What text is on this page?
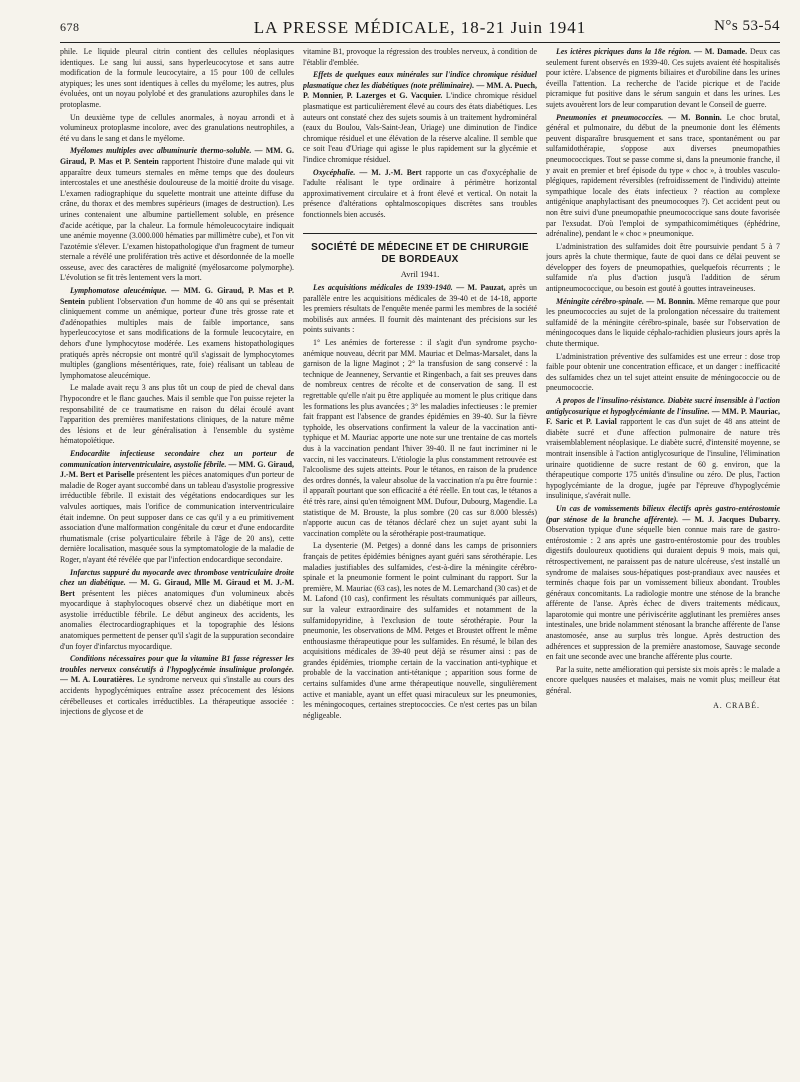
678	LA PRESSE MÉDICALE, 18-21 Juin 1941	N°s 53-54

phile. Le liquide pleural citrin contient des cellules néoplasiques identiques. Le sang lui aussi, sans hyperleucocytose et sans autre modification de la formule leucocytaire, a 15 pour 100 de cellules atypiques; les unes sont identiques à celles du myélome; les autres, plus évoluées, ont un noyau polylobé et des granulations azurophiles dans le protoplasme.

Un deuxième type de cellules anormales, à noyau arrondi et à volumineux protoplasme incolore, avec des granulations neutrophiles, a été vu dans le sang et dans le myélome.

Myélomes multiples avec albuminurie thermo-soluble. — MM. G. Giraud, P. Mas et P. Sentein rapportent l'histoire d'une malade qui vit apparaître deux tumeurs sternales en même temps que des douleurs intercostales et une anesthésie douloureuse de la moitié droite du visage. L'examen radiographique du squelette montrait une atteinte diffuse du crâne, du thorax et des membres supérieurs (images de destruction). Les urines contenaient une albumine partiellement soluble, en présence d'acide acétique, par la chaleur. La formule hémoleucocytaire indiquait une anémie moyenne (3.000.000 hématies par millimètre cube), et l'on vit l'azotémie s'élever. L'examen histopathologique d'un fragment de tumeur sternale a révélé une prolifération très active et désordonnée de la moelle osseuse, avec des caractères de malignité (myélosarcome polymorphe). L'évolution se fit très lentement vers la mort.

Lymphomatose aleucémique. — MM. G. Giraud, P. Mas et P. Sentein publient l'observation d'un homme de 40 ans qui se présentait cliniquement comme un anémique, porteur d'une très grosse rate et d'adénopathies multiples mais de faible importance, sans hyperleucocytose et sans modifications de la formule leucocytaire, en dehors d'une lymphocytose modérée. Les examens histopathologiques pratiqués après nécropsie ont montré qu'il s'agissait de lymphocytomes multiples (ganglions mésentériques, rate, foie) réalisant un tableau de lymphomatose aleucémique.

Le malade avait reçu 3 ans plus tôt un coup de pied de cheval dans l'hypocondre et le flanc gauches. Mais il semble que l'on puisse rejeter la responsabilité de ce traumatisme en raison du délai écoulé avant l'apparition des premières manifestations cliniques, de la nature même des lésions et de leur généralisation à l'ensemble du système hématopoïétique.

Endocardite infectieuse secondaire chez un porteur de communication interventriculaire, asystolie fébrile. — MM. G. Giraud, J.-M. Bert et Pariselle présentent les pièces anatomiques d'un porteur de maladie de Roger ayant succombé dans un tableau d'asystolie progressive irréductible fébrile. Il existait des végétations endocardiques sur les valvules aortiques, mais l'orifice de communication interventriculaire était indemne. On peut supposer dans ce cas qu'il y a eu primitivement association d'une malformation congénitale du cœur et d'une endocardite rhumatismale (crise polyarticulaire fébrile à l'âge de 20 ans), cette dernière localisation, masquée sous la symptomatologie de la maladie de Roger, n'ayant été révélée que par l'infection endocardique secondaire.

Infarctus suppuré du myocarde avec thrombose ventriculaire droite chez un diabétique. — M. G. Giraud, Mlle M. Giraud et M. J.-M. Bert présentent les pièces anatomiques d'un volumineux abcès myocardique à staphylocoques observé chez un diabétique mort en asystolie irréductible fébrile. Le début angineux des accidents, les anomalies électrocardiographiques et la topographie des lésions anatomiques permettent de penser qu'il s'agit de la suppuration secondaire d'un foyer d'infarctus myocardique.

Conditions nécessaires pour que la vitamine B1 fasse régresser les troubles nerveux consécutifs à l'hypoglycémie insulinique prolongée. — M. A. Louratières. Le syndrome nerveux qui s'installe au cours des accidents hypoglycémiques entraîne assez précocement des lésions cérébelleuses et corticales irréductibles. La thérapeutique associée : injections de glycose et de

vitamine B1, provoque la régression des troubles nerveux, à condition de l'établir d'emblée.

Effets de quelques eaux minérales sur l'indice chromique résiduel plasmatique chez les diabétiques (note préliminaire). — MM. A. Puech, P. Monnier, P. Lazerges et G. Vacquier. L'indice chromique résiduel plasmatique est particulièrement élevé au cours des états diabétiques. Les auteurs ont constaté chez des sujets soumis à un traitement hydrominéral (eaux du Boulou, Vals-Saint-Jean, Uriage) une diminution de l'indice chromique résiduel et une élévation de la réserve alcaline. Il semble que ce soit l'eau d'Uriage qui agisse le plus rapidement sur la glycémie et l'indice chromique résiduel.

Oxycéphalie. — M. J.-M. Bert rapporte un cas d'oxycéphalie de l'adulte réalisant le type ordinaire à périmètre horizontal approximativement circulaire et à front élevé et vertical. On notait la présence d'altérations ophtalmoscopiques discrètes sans troubles fonctionnels bien accusés.

SOCIÉTÉ DE MÉDECINE ET DE CHIRURGIE DE BORDEAUX
Avril 1941.

Les acquisitions médicales de 1939-1940. — M. Pauzat, après un parallèle entre les acquisitions médicales de 39-40 et de 14-18, apporte les premiers résultats de l'enquête menée parmi les membres de la société mobilisés aux armées. Il fournit dès maintenant des précisions sur les points suivants :

1° Les anémies de forteresse : il s'agit d'un syndrome psycho-anémique nouveau, décrit par MM. Mauriac et Delmas-Marsalet, dans la garnison de la ligne Maginot ; 2° la transfusion de sang conservé : la technique de Jeanneney, Servantie et Ringenbach, a fait ses preuves dans de nombreux centres de récolte et de conservation de sang. Il est regrettable qu'elle n'ait pu être appliquée au moment le plus critique dans les formations les plus avancées ; 3° les maladies infectieuses : le premier fait frappant est l'absence de grandes épidémies en 39-40. Sur la fièvre typhoïde, les observations confirment la valeur de la vaccination anti-typhique et M. Mauriac apporte une note sur une trentaine de cas mortels dus à la vaccination pendant l'hiver 39-40. Il ne faut incriminer ni le vaccin, ni les vaccinateurs. L'étiologie la plus constamment retrouvée est l'alcoolisme des sujets atteints. Pour le tétanos, en raison de la prudence des ordres donnés, la valeur absolue de la vaccination n'a pu être fournie : il apparaît pourtant que son efficacité a été réelle. En tout cas, le tétanos a été très rare, ainsi qu'en témoignent MM. Dufour, Dubourg, Magendie. La statistique de M. Brouste, la plus sombre (20 cas sur 8.000 blessés) n'apporte aucun cas de tétanos déclaré chez un sujet ayant subi la vaccination complète ou la sérothérapie post-traumatique.

La dysenterie (M. Petges) a donné dans les camps de prisonniers français de petites épidémies bénignes ayant guéri sans sérothérapie. Les maladies justifiables des sulfamides, c'est-à-dire la méningite cérébro-spinale et la pneumonie forment le point culminant du rapport. Sur la première, M. Mauriac (63 cas), les notes de M. Lemarchand (30 cas) et de M. Lafond (10 cas), confirment les résultats communiqués par ailleurs, sur la valeur extraordinaire des sulfamides et notamment de la sulfamidopyridine, à l'exclusion de toute sérothérapie. Pour la pneumonie, les observations de MM. Petges et Broustet offrent le même enthousiasme thérapeutique pour les sulfamides. En résumé, le bilan des acquisitions médicales de 39-40 peut déjà se résumer ainsi : pas de grandes épidémies, triomphe certain de la vaccination anti-typhique et probable de la vaccination anti-tétanique ; apparition sous forme de certains sulfamides d'une arme thérapeutique nouvelle, singulièrement active et maniable, ayant un effet quasi miraculeux sur les pneumonies, les méningocoques, certaines streptococcies. Ce n'est certes pas un bilan négligeable.

Les ictères picriques dans la 18e région. — M. Damade. Deux cas seulement furent observés en 1939-40. Ces sujets avaient été hospitalisés pour ictère. L'absence de pigments biliaires et d'urobiline dans les urines éveilla l'attention. La recherche de l'acide picrique et de l'acide picramique fut positive dans le sérum sanguin et dans les urines. Les sujets avouèrent lors de leur comparution devant le Conseil de guerre.

Pneumonies et pneumococcies. — M. Bonnin. Le choc brutal, général et pulmonaire, du début de la pneumonie dont les éléments peuvent disparaître brusquement et sans trace, spontanément ou par sulfamidothérapie, s'oppose aux diverses pneumopathies pneumococciques. Tout se passe comme si, dans la pneumonie franche, il y avait en premier et bref épisode du type « choc », à troubles vasculo-plégiques, rapidement réversibles (refroidissement de l'individu) atteinte sympathique locale des états infectieux ? réaction au complexe antigénique anaphylactisant des pneumocoques ?). Cet accident peut ou non être suivi d'une pneumopathie pneumococcique sans doute favorisée par l'exsudat. D'où l'emploi de sympathicomimétiques (éphédrine, adrénaline), pendant le « choc » pneumonique.

L'administration des sulfamides doit être poursuivie pendant 5 à 7 jours après la chute thermique, faute de quoi dans ce délai peuvent se développer des foyers de pneumopathies, quelquefois récurrents ; le sulfamide n'a plus d'action jusqu'à l'addition de sérum antipneumococcique, ou besoin est gouté à gouttes intraveineuses.

Méningite cérébro-spinale. — M. Bonnin. Même remarque que pour les pneumococcies au sujet de la prolongation nécessaire du traitement sulfamidé de la méningite cérébro-spinale, basée sur l'observation de méningocoques dans le liquide céphalo-rachidien plusieurs jours après la chute thermique.

L'administration préventive des sulfamides est une erreur : dose trop faible pour obtenir une concentration efficace, et un danger : inefficacité des sulfamides chez un tel sujet atteint ensuite de méningococcie ou de pneumococcie.

A propos de l'insulino-résistance. Diabète sucré insensible à l'action antiglycosurique et hypoglycémiante de l'insuline. — MM. P. Mauriac, F. Saric et P. Lavial rapportent le cas d'un sujet de 48 ans atteint de diabète sucré et d'une affection pulmonaire de nature très vraisemblablement néoplasique. Le diabète sucré, d'intensité moyenne, se montrait insensible à l'action antiglycosurique de l'insuline, l'élimination urinaire quotidienne de sucre restant de 60 g. environ, que la thérapeutique comporte 175 unités d'insuline ou zéro. De plus, l'action hypoglycémiante de la drogue, jugée par l'épreuve d'hypoglycémie insulinique, s'avérait nulle.

Un cas de vomissements bilieux électifs après gastro-entérostomie (par sténose de la branche afférente). — M. J. Jacques Dubarry. Observation typique d'une séquelle bien connue mais rare de gastro-entérostomie : 2 ans après une gastro-entérostomie pour des troubles digestifs douloureux quotidiens qui duraient depuis 9 mois, mais qui, rétrospectivement, ne paraissent pas de nature ulcéreuse, s'est installé un syndrome de malaises sous-hépatiques post-prandiaux avec nausées et terminés chaque fois par un vomissement bilieux abondant. Troubles généraux concomitants. La radiologie montre une sténose de la branche afférente de l'anse. Après échec de divers traitements médicaux, laparotomie qui montre une périviscérite agglutinant les premières anses intestinales, une bride nolamment sténosant la branche afférente de l'anse anastomosée, anse au surplus très longue. Après destruction des adhérences et suppression de la première anastomose, Sauvage seconde en fait une seconde avec une branche afférente plus courte.

Par la suite, nette amélioration qui persiste six mois après : le malade a encore quelques nausées et malaises, mais ne vomit plus; meilleur état général.

A. CRABÉ.
